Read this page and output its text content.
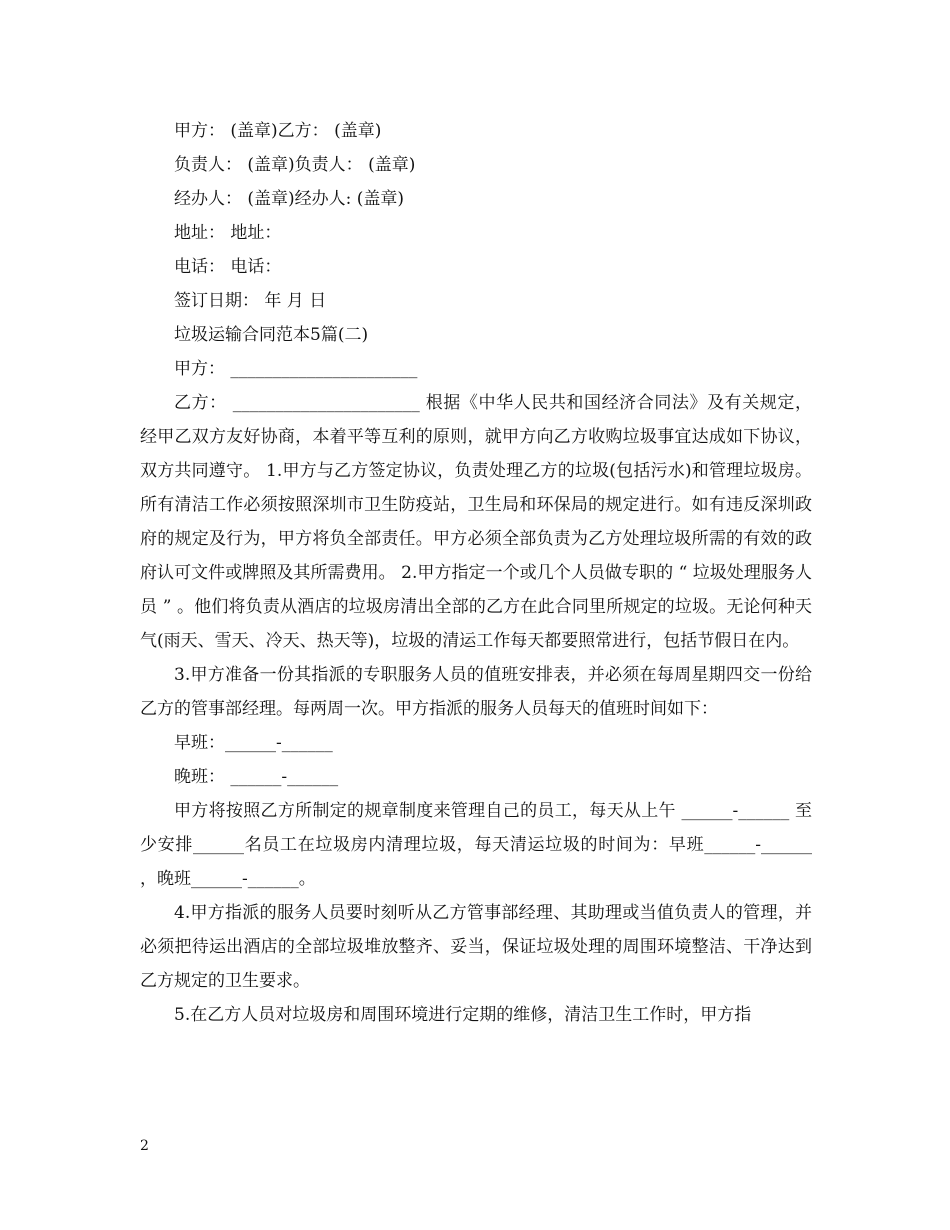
甲方： (盖章)乙方： (盖章)

负责人： (盖章)负责人： (盖章)

经办人： (盖章)经办人: (盖章)

地址： 地址：

电话： 电话：

签订日期： 年 月 日

垃圾运输合同范本5篇(二)

甲方： ______________________

乙方： ______________________ 根据《中华人民共和国经济合同法》及有关规定，经甲乙双方友好协商，本着平等互利的原则，就甲方向乙方收购垃圾事宜达成如下协议，双方共同遵守。 1.甲方与乙方签定协议，负责处理乙方的垃圾(包括污水)和管理垃圾房。所有清洁工作必须按照深圳市卫生防疫站，卫生局和环保局的规定进行。如有违反深圳政府的规定及行为，甲方将负全部责任。甲方必须全部负责为乙方处理垃圾所需的有效的政府认可文件或牌照及其所需费用。 2.甲方指定一个或几个人员做专职的 “ 垃圾处理服务人员 ” 。他们将负责从酒店的垃圾房清出全部的乙方在此合同里所规定的垃圾。无论何种天气(雨天、雪天、冷天、热天等)，垃圾的清运工作每天都要照常进行，包括节假日在内。

3.甲方准备一份其指派的专职服务人员的值班安排表，并必须在每周星期四交一份给乙方的管事部经理。每两周一次。甲方指派的服务人员每天的值班时间如下：

早班：______-______

晚班： ______-______

甲方将按照乙方所制定的规章制度来管理自己的员工，每天从上午 ______-______ 至少安排______名员工在垃圾房内清理垃圾，每天清运垃圾的时间为：早班______-______ ，晚班______-______。

4.甲方指派的服务人员要时刻听从乙方管事部经理、其助理或当值负责人的管理，并必须把待运出酒店的全部垃圾堆放整齐、妥当，保证垃圾处理的周围环境整洁、干净达到乙方规定的卫生要求。

5.在乙方人员对垃圾房和周围环境进行定期的维修，清洁卫生工作时，甲方指

2
